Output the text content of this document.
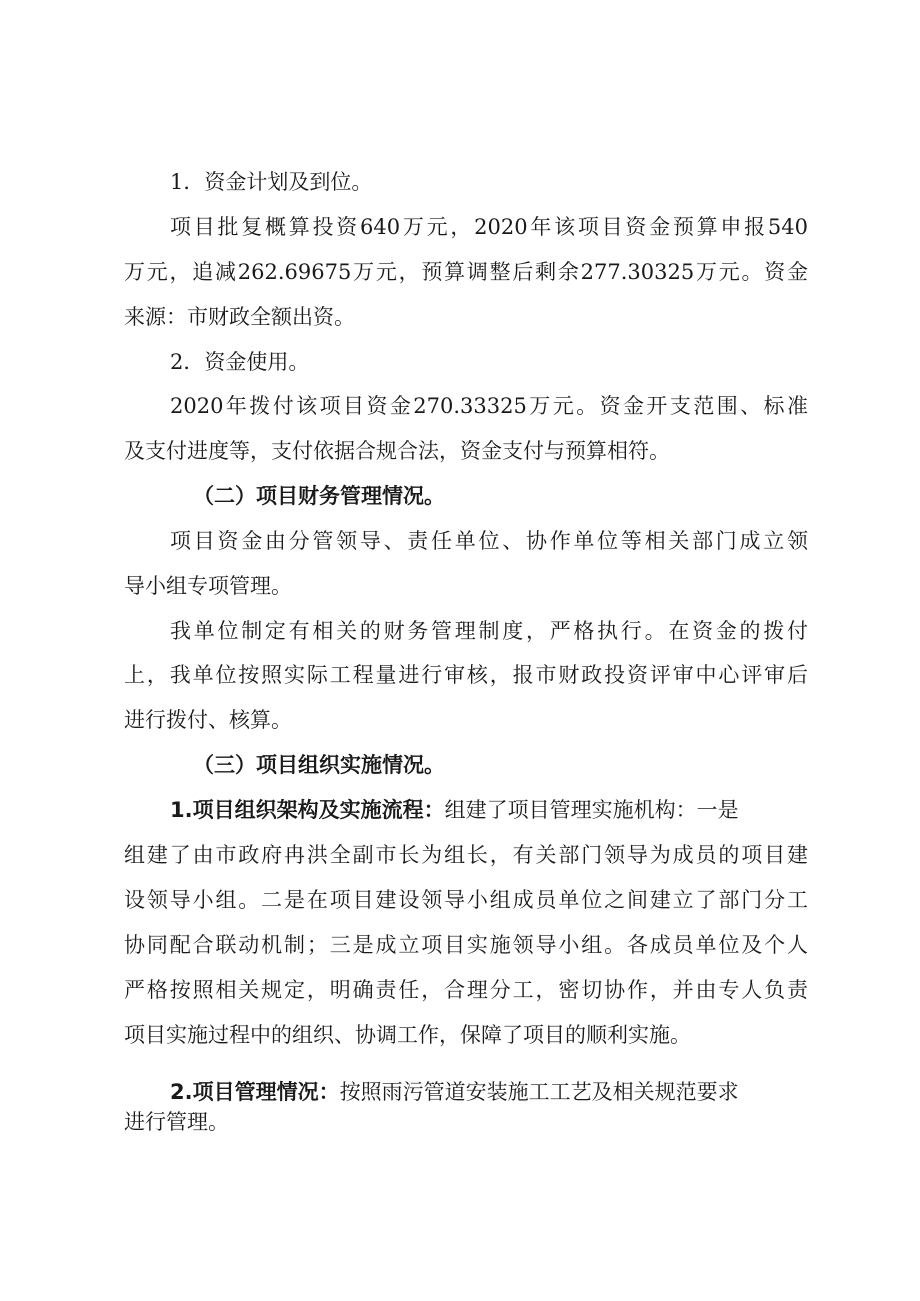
1．资金计划及到位。
项目批复概算投资640万元，2020年该项目资金预算申报540
万元，追减262.69675万元，预算调整后剩余277.30325万元。资金
来源：市财政全额出资。
2．资金使用。
2020年拨付该项目资金270.33325万元。资金开支范围、标准
及支付进度等，支付依据合规合法，资金支付与预算相符。
（二）项目财务管理情况。
项目资金由分管领导、责任单位、协作单位等相关部门成立领
导小组专项管理。
我单位制定有相关的财务管理制度，严格执行。在资金的拨付
上，我单位按照实际工程量进行审核，报市财政投资评审中心评审后
进行拨付、核算。
（三）项目组织实施情况。
1.项目组织架构及实施流程：组建了项目管理实施机构：一是
组建了由市政府冉洪全副市长为组长，有关部门领导为成员的项目建
设领导小组。二是在项目建设领导小组成员单位之间建立了部门分工
协同配合联动机制；三是成立项目实施领导小组。各成员单位及个人
严格按照相关规定，明确责任，合理分工，密切协作，并由专人负责
项目实施过程中的组织、协调工作，保障了项目的顺利实施。
2.项目管理情况：按照雨污管道安装施工工艺及相关规范要求
进行管理。
